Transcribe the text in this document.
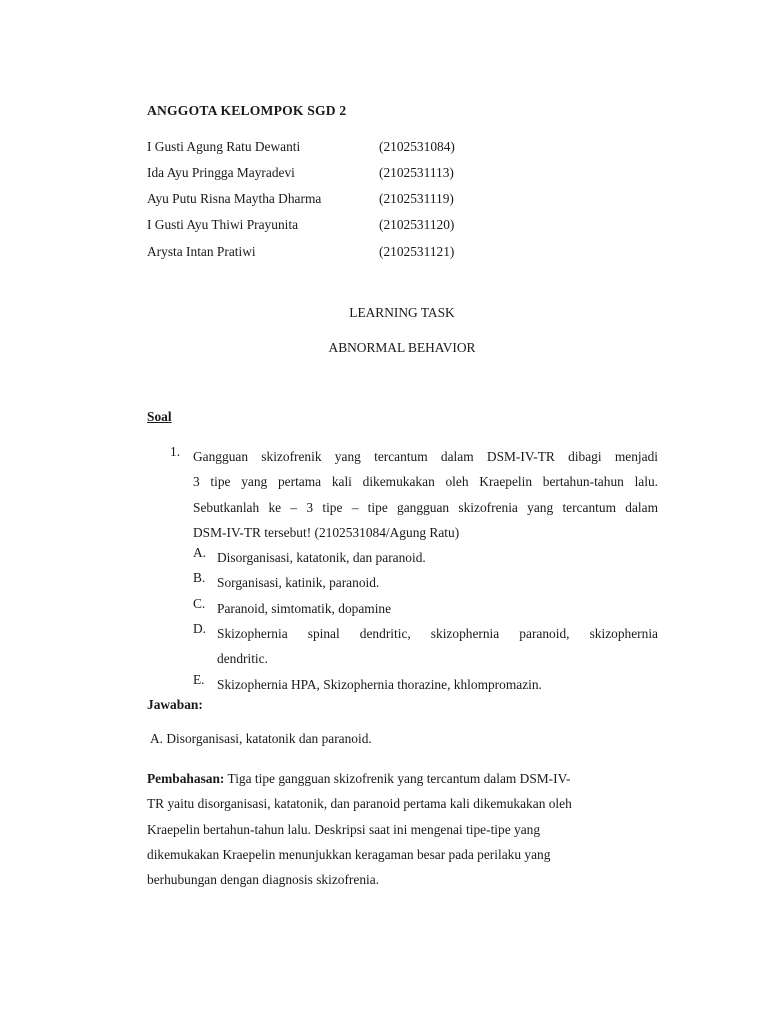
ANGGOTA KELOMPOK SGD 2
I Gusti Agung Ratu Dewanti	(2102531084)
Ida Ayu Pringga Mayradevi	(2102531113)
Ayu Putu Risna Maytha Dharma	(2102531119)
I Gusti Ayu Thiwi Prayunita	(2102531120)
Arysta Intan Pratiwi	(2102531121)
LEARNING TASK
ABNORMAL BEHAVIOR
Soal
1. Gangguan skizofrenik yang tercantum dalam DSM-IV-TR dibagi menjadi
3 tipe yang pertama kali dikemukakan oleh Kraepelin bertahun-tahun lalu.
Sebutkanlah ke – 3 tipe – tipe gangguan skizofrenia yang tercantum dalam
DSM-IV-TR tersebut! (2102531084/Agung Ratu)
A. Disorganisasi, katatonik, dan paranoid.
B. Sorganisasi, katinik, paranoid.
C. Paranoid, simtomatik, dopamine
D. Skizophernia spinal dendritic, skizophernia paranoid, skizophernia
dendritic.
E. Skizophernia HPA, Skizophernia thorazine, khlompromazin.
Jawaban:
A. Disorganisasi, katatonik dan paranoid.
Pembahasan: Tiga tipe gangguan skizofrenik yang tercantum dalam DSM-IV-
TR yaitu disorganisasi, katatonik, dan paranoid pertama kali dikemukakan oleh
Kraepelin bertahun-tahun lalu. Deskripsi saat ini mengenai tipe-tipe yang
dikemukakan Kraepelin menunjukkan keragaman besar pada perilaku yang
berhubungan dengan diagnosis skizofrenia.
